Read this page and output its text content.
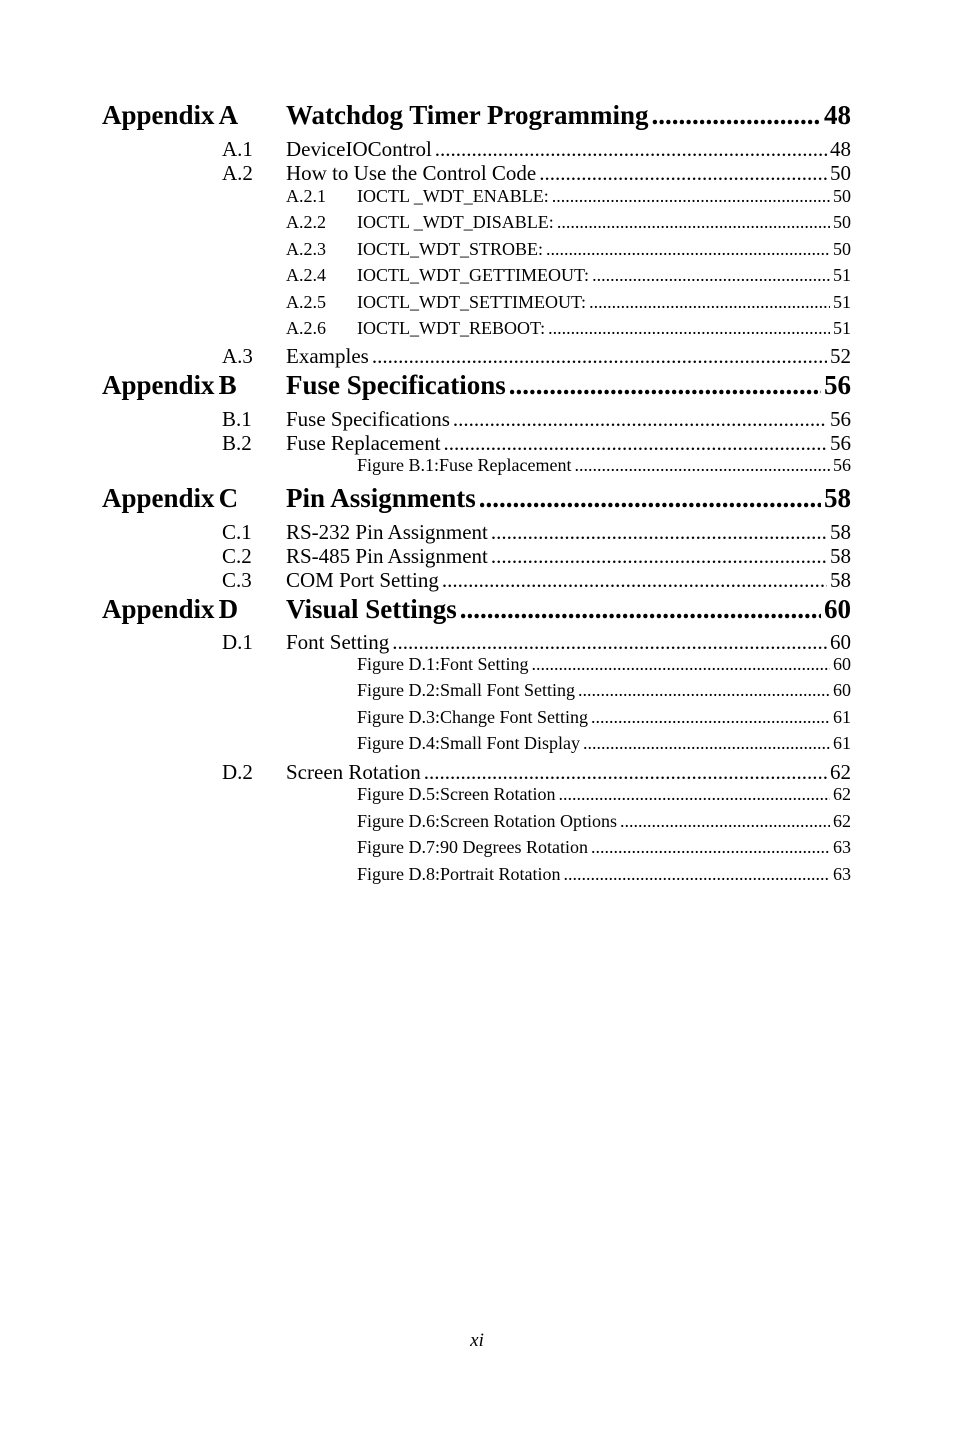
Appendix A	Watchdog Timer Programming .....	48
A.1	DeviceIOControl .....	48
A.2	How to Use the Control Code .....	50
A.2.1	IOCTL _WDT_ENABLE: .....	50
A.2.2	IOCTL _WDT_DISABLE: .....	50
A.2.3	IOCTL_WDT_STROBE: .....	50
A.2.4	IOCTL_WDT_GETTIMEOUT: .....	51
A.2.5	IOCTL_WDT_SETTIMEOUT: .....	51
A.2.6	IOCTL_WDT_REBOOT: .....	51
A.3	Examples .....	52
Appendix B	Fuse Specifications .....	56
B.1	Fuse Specifications .....	56
B.2	Fuse Replacement .....	56
Figure B.1:Fuse Replacement .....	56
Appendix C	Pin Assignments .....	58
C.1	RS-232 Pin Assignment .....	58
C.2	RS-485 Pin Assignment .....	58
C.3	COM Port Setting .....	58
Appendix D	Visual Settings .....	60
D.1	Font Setting .....	60
Figure D.1:Font Setting .....	60
Figure D.2:Small Font Setting .....	60
Figure D.3:Change Font Setting .....	61
Figure D.4:Small Font Display .....	61
D.2	Screen Rotation .....	62
Figure D.5:Screen Rotation .....	62
Figure D.6:Screen Rotation Options .....	62
Figure D.7:90 Degrees Rotation .....	63
Figure D.8:Portrait Rotation .....	63
xi
